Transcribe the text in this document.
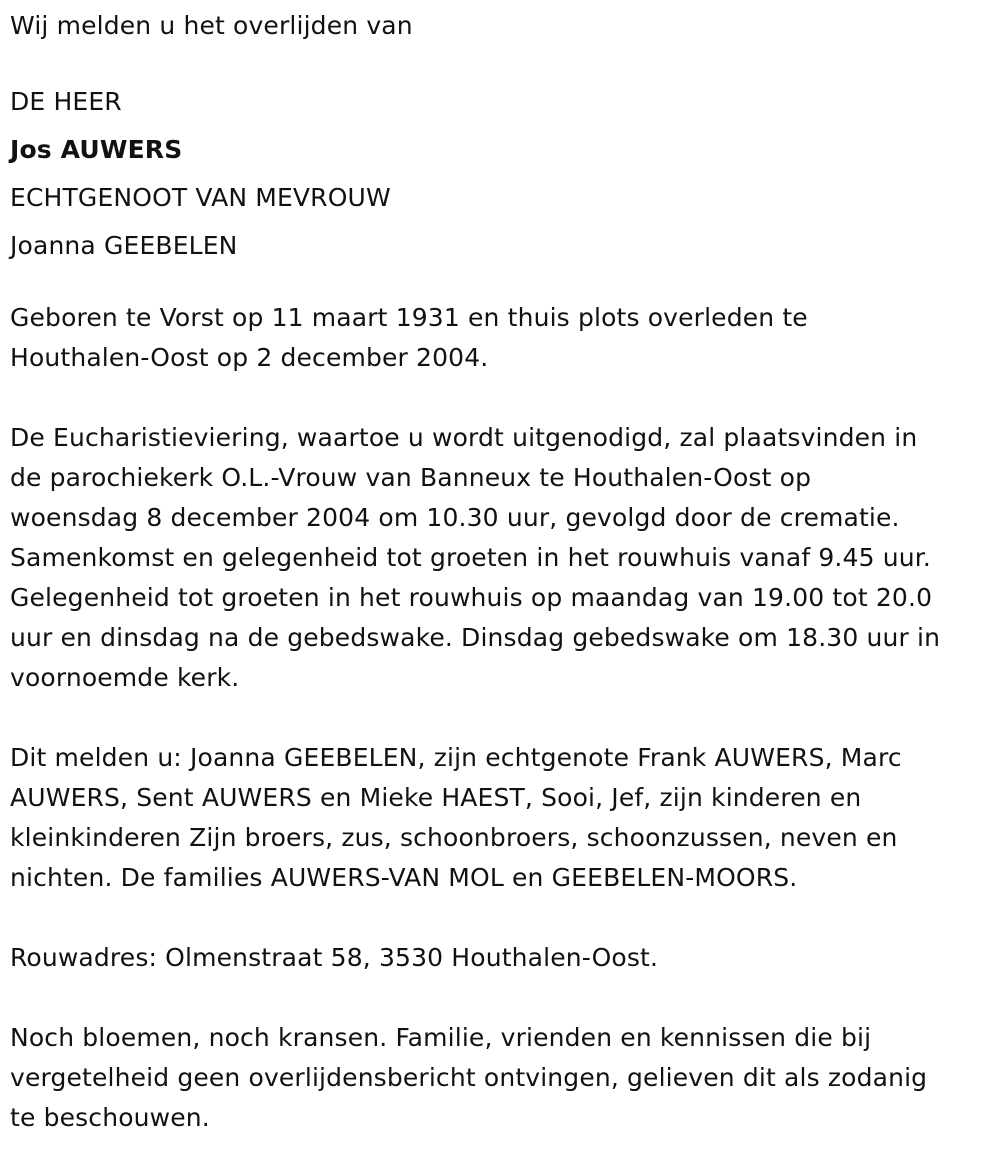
Wij melden u het overlijden van
DE HEER
Jos AUWERS
ECHTGENOOT VAN MEVROUW
Joanna GEEBELEN
Geboren te Vorst op 11 maart 1931 en thuis plots overleden te
Houthalen-Oost op 2 december 2004.
De Eucharistieviering, waartoe u wordt uitgenodigd, zal plaatsvinden in
de parochiekerk O.L.-Vrouw van Banneux te Houthalen-Oost op
woensdag 8 december 2004 om 10.30 uur, gevolgd door de crematie.
Samenkomst en gelegenheid tot groeten in het rouwhuis vanaf 9.45 uur.
Gelegenheid tot groeten in het rouwhuis op maandag van 19.00 tot 20.0
uur en dinsdag na de gebedswake. Dinsdag gebedswake om 18.30 uur in
voornoemde kerk.
Dit melden u: Joanna GEEBELEN, zijn echtgenote Frank AUWERS, Marc
AUWERS, Sent AUWERS en Mieke HAEST, Sooi, Jef, zijn kinderen en
kleinkinderen Zijn broers, zus, schoonbroers, schoonzussen, neven en
nichten. De families AUWERS-VAN MOL en GEEBELEN-MOORS.
Rouwadres: Olmenstraat 58, 3530 Houthalen-Oost.
Noch bloemen, noch kransen. Familie, vrienden en kennissen die bij
vergetelheid geen overlijdensbericht ontvingen, gelieven dit als zodanig
te beschouwen.
